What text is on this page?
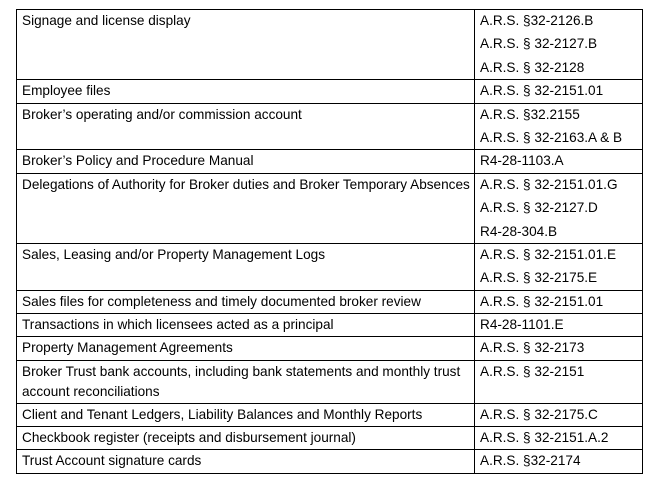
Signage and license display	A.R.S. §32-2126.B
A.R.S. § 32-2127.B
A.R.S. § 32-2128

Employee files	A.R.S. § 32-2151.01

Broker’s operating and/or commission account	A.R.S. §32.2155
A.R.S. § 32-2163.A & B

Broker’s Policy and Procedure Manual	R4-28-1103.A

Delegations of Authority for Broker duties and Broker Temporary Absences	A.R.S. § 32-2151.01.G
A.R.S. § 32-2127.D
R4-28-304.B

Sales, Leasing and/or Property Management Logs	A.R.S. § 32-2151.01.E
A.R.S. § 32-2175.E

Sales files for completeness and timely documented broker review	A.R.S. § 32-2151.01

Transactions in which licensees acted as a principal	R4-28-1101.E

Property Management Agreements	A.R.S. § 32-2173

Broker Trust bank accounts, including bank statements and monthly trust account reconciliations	A.R.S. § 32-2151

Client and Tenant Ledgers, Liability Balances and Monthly Reports	A.R.S. § 32-2175.C

Checkbook register (receipts and disbursement journal)	A.R.S. § 32-2151.A.2

Trust Account signature cards	A.R.S. §32-2174
